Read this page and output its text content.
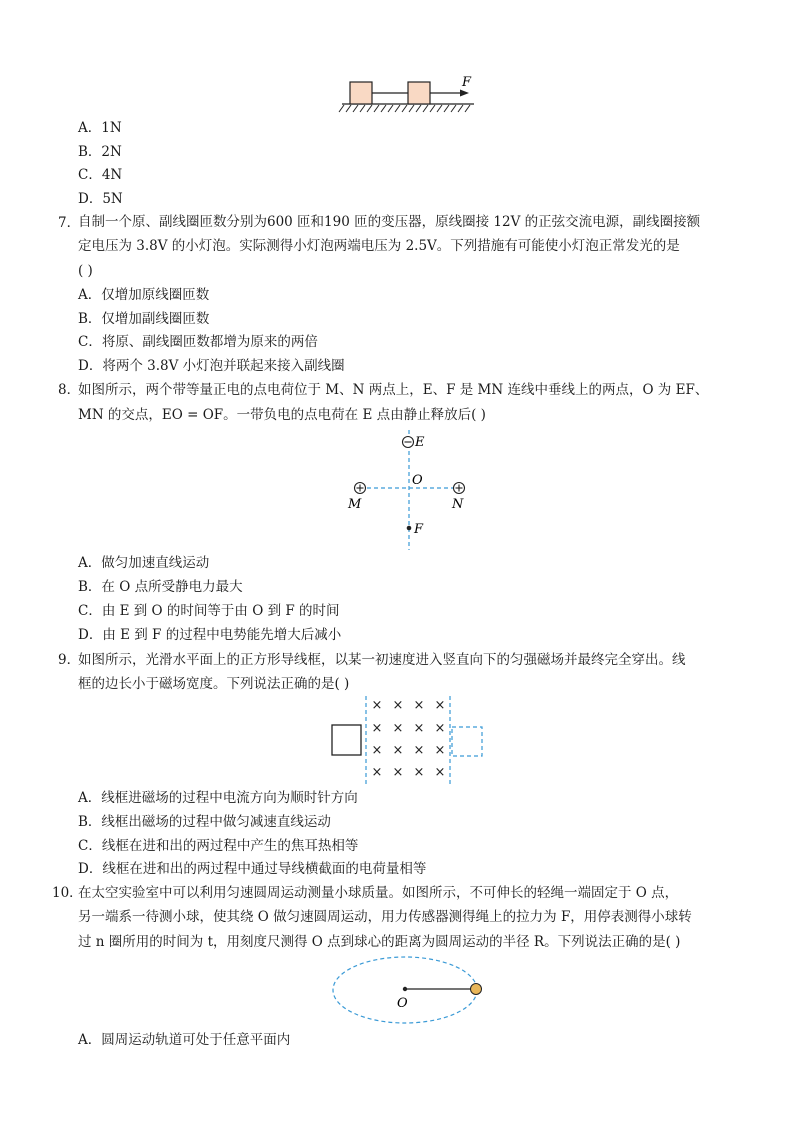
F
A．1N
B．2N
C．4N
D．5N
7．
自制一个原、副线圈匝数分别为600 匝和190 匝的变压器，原线圈接 12V 的正弦交流电源，副线圈接额
定电压为 3.8V 的小灯泡。实际测得小灯泡两端电压为 2.5V。下列措施有可能使小灯泡正常发光的是
( )
A．仅增加原线圈匝数
B．仅增加副线圈匝数
C．将原、副线圈匝数都增为原来的两倍
D．将两个 3.8V 小灯泡并联起来接入副线圈
8．
如图所示，两个带等量正电的点电荷位于 M、N 两点上，E、F 是 MN 连线中垂线上的两点，O 为 EF、
MN 的交点，EO = OF。一带负电的点电荷在 E 点由静止释放后( )
E
O
M	N
F
A．做匀加速直线运动
B．在 O 点所受静电力最大
C．由 E 到 O 的时间等于由 O 到 F 的时间
D．由 E 到 F 的过程中电势能先增大后减小
9．
如图所示，光滑水平面上的正方形导线框，以某一初速度进入竖直向下的匀强磁场并最终完全穿出。线
框的边长小于磁场宽度。下列说法正确的是( )
× × × ×
× × × ×
× × × ×
× × × ×
A．线框进磁场的过程中电流方向为顺时针方向
B．线框出磁场的过程中做匀减速直线运动
C．线框在进和出的两过程中产生的焦耳热相等
D．线框在进和出的两过程中通过导线横截面的电荷量相等
10．
在太空实验室中可以利用匀速圆周运动测量小球质量。如图所示，不可伸长的轻绳一端固定于 O 点，
另一端系一待测小球，使其绕 O 做匀速圆周运动，用力传感器测得绳上的拉力为 F，用停表测得小球转
过 n 圈所用的时间为 t，用刻度尺测得 O 点到球心的距离为圆周运动的半径 R。下列说法正确的是( )
O
A．圆周运动轨道可处于任意平面内
